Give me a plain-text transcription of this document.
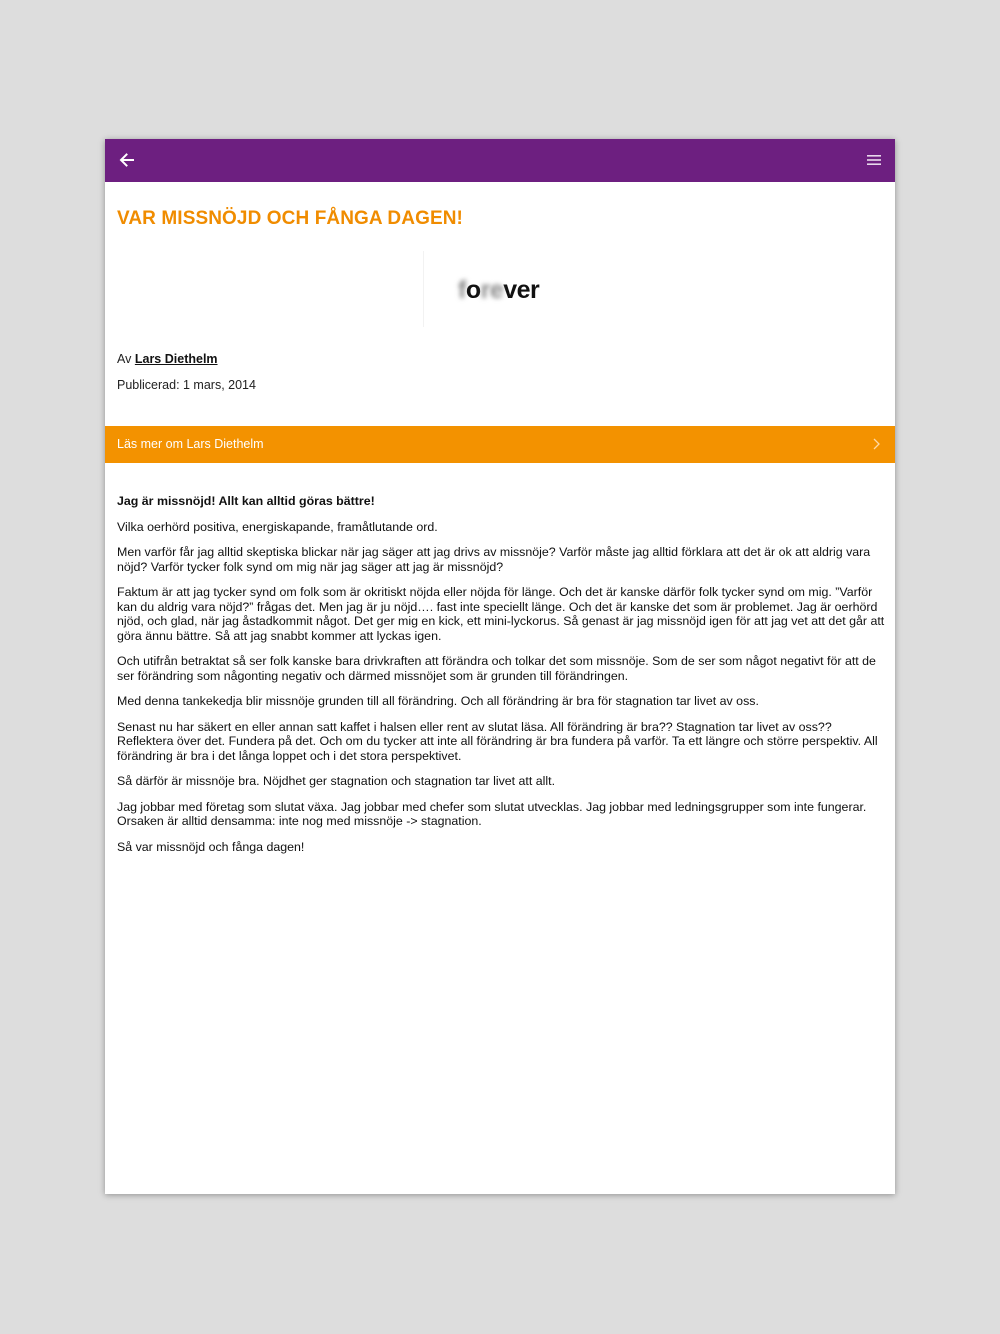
VAR MISSNÖJD OCH FÅNGA DAGEN!
forever
Av Lars Diethelm
Publicerad: 1 mars, 2014
Läs mer om Lars Diethelm

Jag är missnöjd! Allt kan alltid göras bättre!

Vilka oerhörd positiva, energiskapande, framåtlutande ord.

Men varför får jag alltid skeptiska blickar när jag säger att jag drivs av missnöje? Varför måste jag alltid förklara att det är ok att aldrig vara nöjd? Varför tycker folk synd om mig när jag säger att jag är missnöjd?

Faktum är att jag tycker synd om folk som är okritiskt nöjda eller nöjda för länge. Och det är kanske därför folk tycker synd om mig. ”Varför kan du aldrig vara nöjd?” frågas det. Men jag är ju nöjd…. fast inte speciellt länge. Och det är kanske det som är problemet. Jag är oerhörd njöd, och glad, när jag åstadkommit något. Det ger mig en kick, ett mini-lyckorus. Så genast är jag missnöjd igen för att jag vet att det går att göra ännu bättre. Så att jag snabbt kommer att lyckas igen.

Och utifrån betraktat så ser folk kanske bara drivkraften att förändra och tolkar det som missnöje. Som de ser som något negativt för att de ser förändring som någonting negativ och därmed missnöjet som är grunden till förändringen.

Med denna tankekedja blir missnöje grunden till all förändring. Och all förändring är bra för stagnation tar livet av oss.

Senast nu har säkert en eller annan satt kaffet i halsen eller rent av slutat läsa. All förändring är bra?? Stagnation tar livet av oss?? Reflektera över det. Fundera på det. Och om du tycker att inte all förändring är bra fundera på varför. Ta ett längre och större perspektiv. All förändring är bra i det långa loppet och i det stora perspektivet.

Så därför är missnöje bra. Nöjdhet ger stagnation och stagnation tar livet att allt.

Jag jobbar med företag som slutat växa. Jag jobbar med chefer som slutat utvecklas. Jag jobbar med ledningsgrupper som inte fungerar. Orsaken är alltid densamma: inte nog med missnöje -> stagnation.

Så var missnöjd och fånga dagen!
